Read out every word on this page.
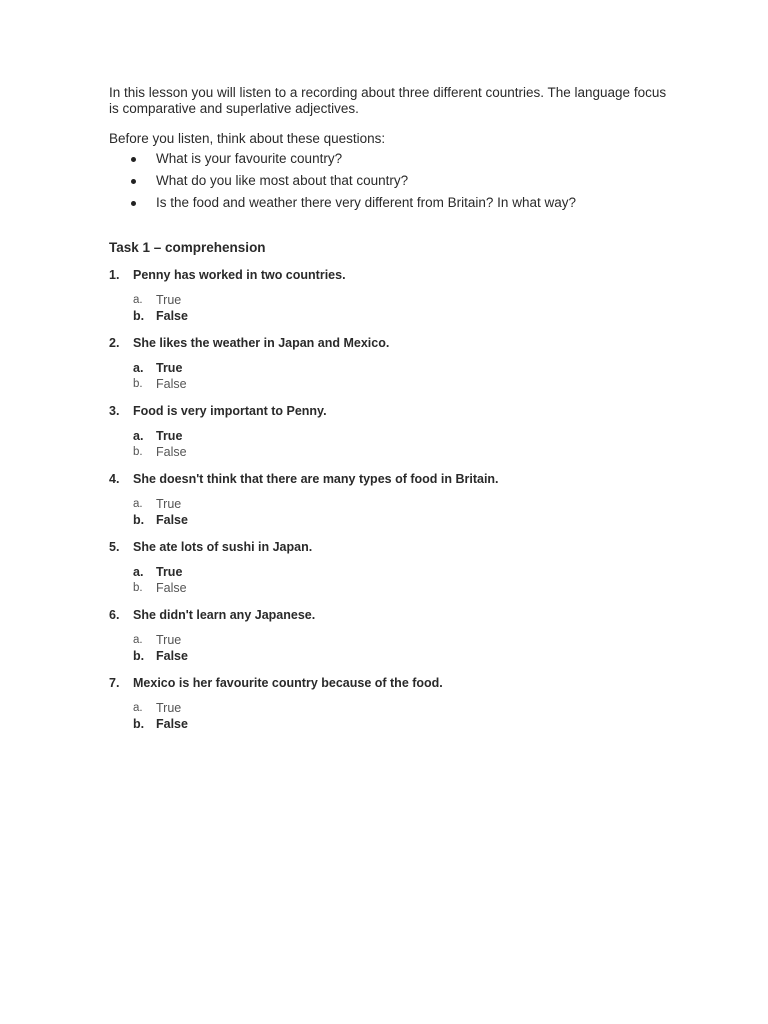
In this lesson you will listen to a recording about three different countries. The language focus is comparative and superlative adjectives.

Before you listen, think about these questions:

What is your favourite country?
What do you like most about that country?
Is the food and weather there very different from Britain? In what way?
Task 1 – comprehension
1. Penny has worked in two countries.
a. True
b. False
2. She likes the weather in Japan and Mexico.
a. True
b. False
3. Food is very important to Penny.
a. True
b. False
4. She doesn't think that there are many types of food in Britain.
a. True
b. False
5. She ate lots of sushi in Japan.
a. True
b. False
6. She didn't learn any Japanese.
a. True
b. False
7. Mexico is her favourite country because of the food.
a. True
b. False
